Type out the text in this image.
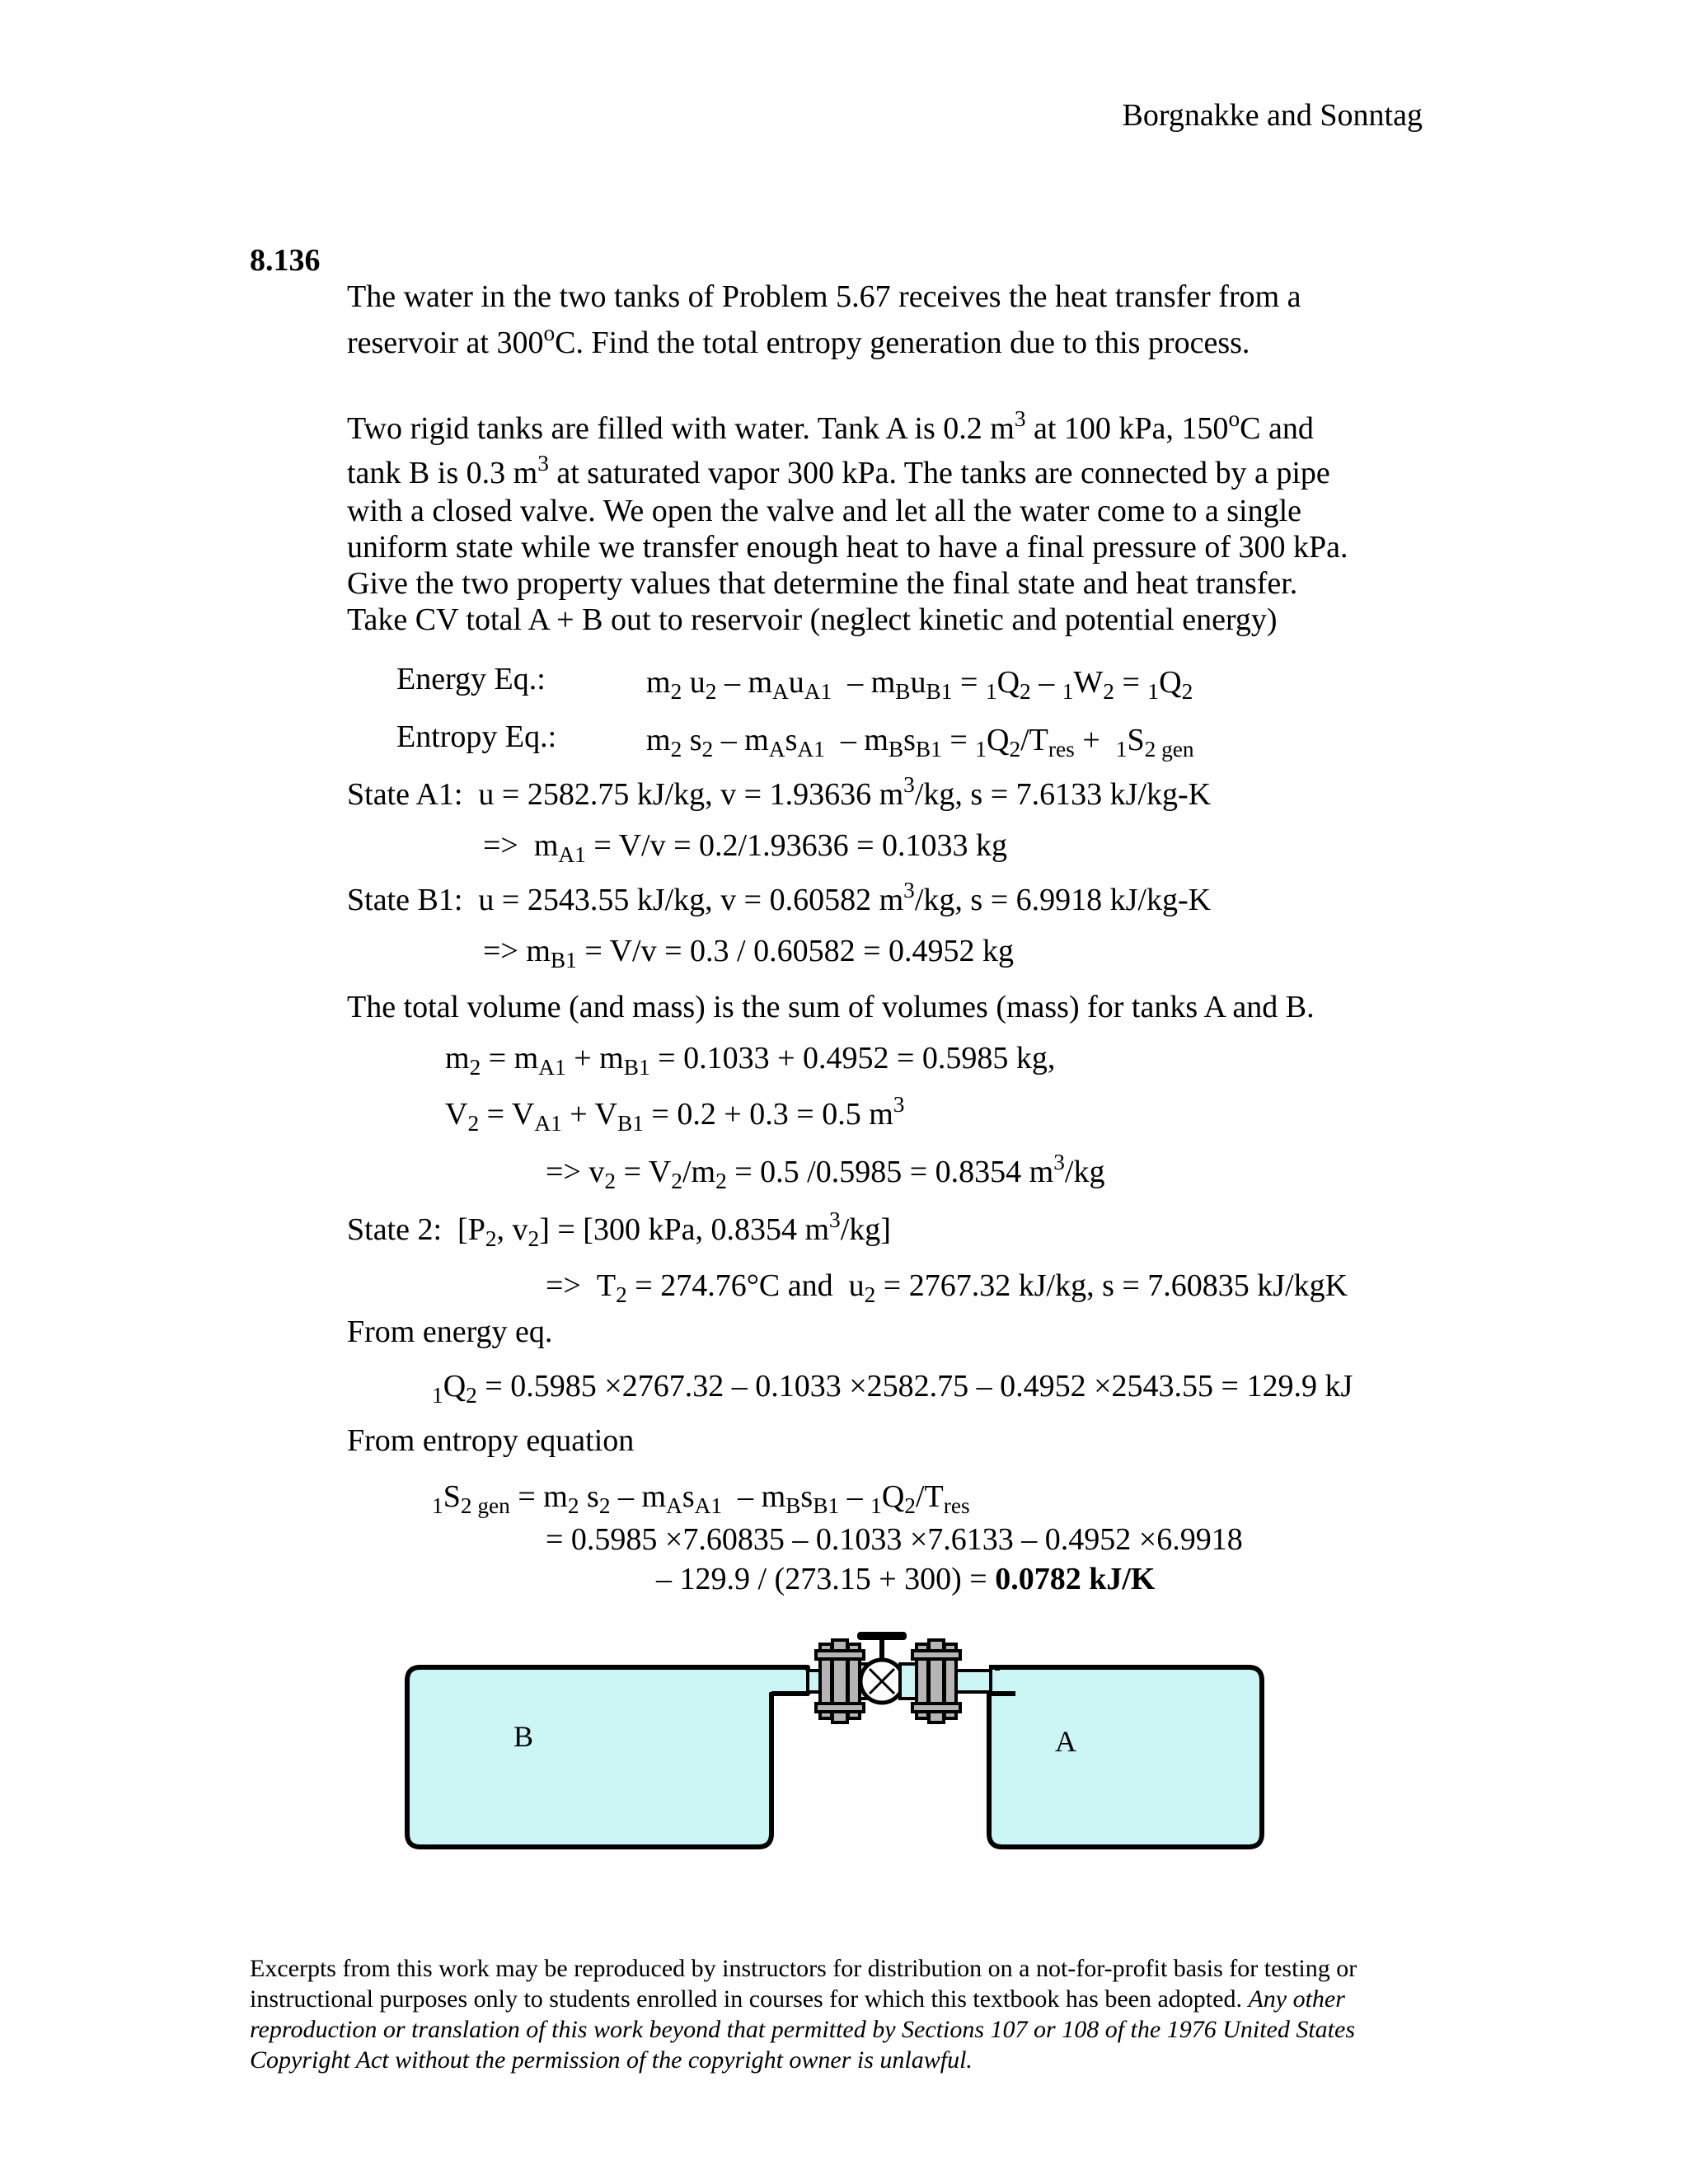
Borgnakke and Sonntag
8.136
The water in the two tanks of Problem 5.67 receives the heat transfer from a
reservoir at 300$^o$C. Find the total entropy generation due to this process.
Two rigid tanks are filled with water. Tank A is 0.2 $m^3$ at 100 kPa, 150$^o$C and
tank B is 0.3 $m^3$ at saturated vapor 300 kPa. The tanks are connected by a pipe
with a closed valve. We open the valve and let all the water come to a single
uniform state while we transfer enough heat to have a final pressure of 300 kPa.
Give the two property values that determine the final state and heat transfer.
Take CV total A + B out to reservoir (neglect kinetic and potential energy)
Energy Eq.:	$m_2$ $u_2 - m_Au_{A1} - m_Bu_{B1} = _1Q_2 - _1W_2 = _1Q_2$
Entropy Eq.:	$m_2$ $s_2 - m_As_{A1} - m_Bs_{B1} = _1Q_2/T_{res} + _1S_{2 gen}$
State A1: u = 2582.75 kJ/kg, v = 1.93636 $m^3/kg$, s = 7.6133 kJ/kg-K
=>  $m_{A1} = V/v = 0.2/1.93636 = 0.1033$ kg
State B1: u = 2543.55 kJ/kg, v = 0.60582 $m^3/kg$, s = 6.9918 kJ/kg-K
=> $m_{B1} = V/v = 0.3 / 0.60582 = 0.4952$ kg
The total volume (and mass) is the sum of volumes (mass) for tanks A and B.
$m_2 = m_{A1} + m_{B1} = 0.1033 + 0.4952 = 0.5985$ kg,
$V_2 = V_{A1} + V_{B1} = 0.2 + 0.3 = 0.5$ $m^3$
=> $v_2 = V_2/m_2 = 0.5$ /0.5985 = 0.8354 $m^3/kg$
State 2:  [$P_2$, $v_2] = [300$ kPa, 0.8354 $m^3/kg$]
=>  $T_2 = 274.76^\circ C$ and  $u_2 = 2767.32$ kJ/kg, s = 7.60835 kJ/kgK
From energy eq.
$_1Q_2 = 0.5985 \times 2767.32 - 0.1033 \times 2582.75 - 0.4952 \times 2543.55 = 129.9$ kJ
From entropy equation
$_1S_{2 gen} = m_2$ $s_2 - m_As_{A1} - m_Bs_{B1} - _1Q_2/T_{res}$
= 0.5985 ×7.60835 – 0.1033 ×7.6133 – 0.4952 ×6.9918
– 129.9 / (273.15 + 300) = 0.0782 kJ/K
B	A
Excerpts from this work may be reproduced by instructors for distribution on a not-for-profit basis for testing or instructional purposes only to students enrolled in courses for which this textbook has been adopted. Any other reproduction or translation of this work beyond that permitted by Sections 107 or 108 of the 1976 United States Copyright Act without the permission of the copyright owner is unlawful.
